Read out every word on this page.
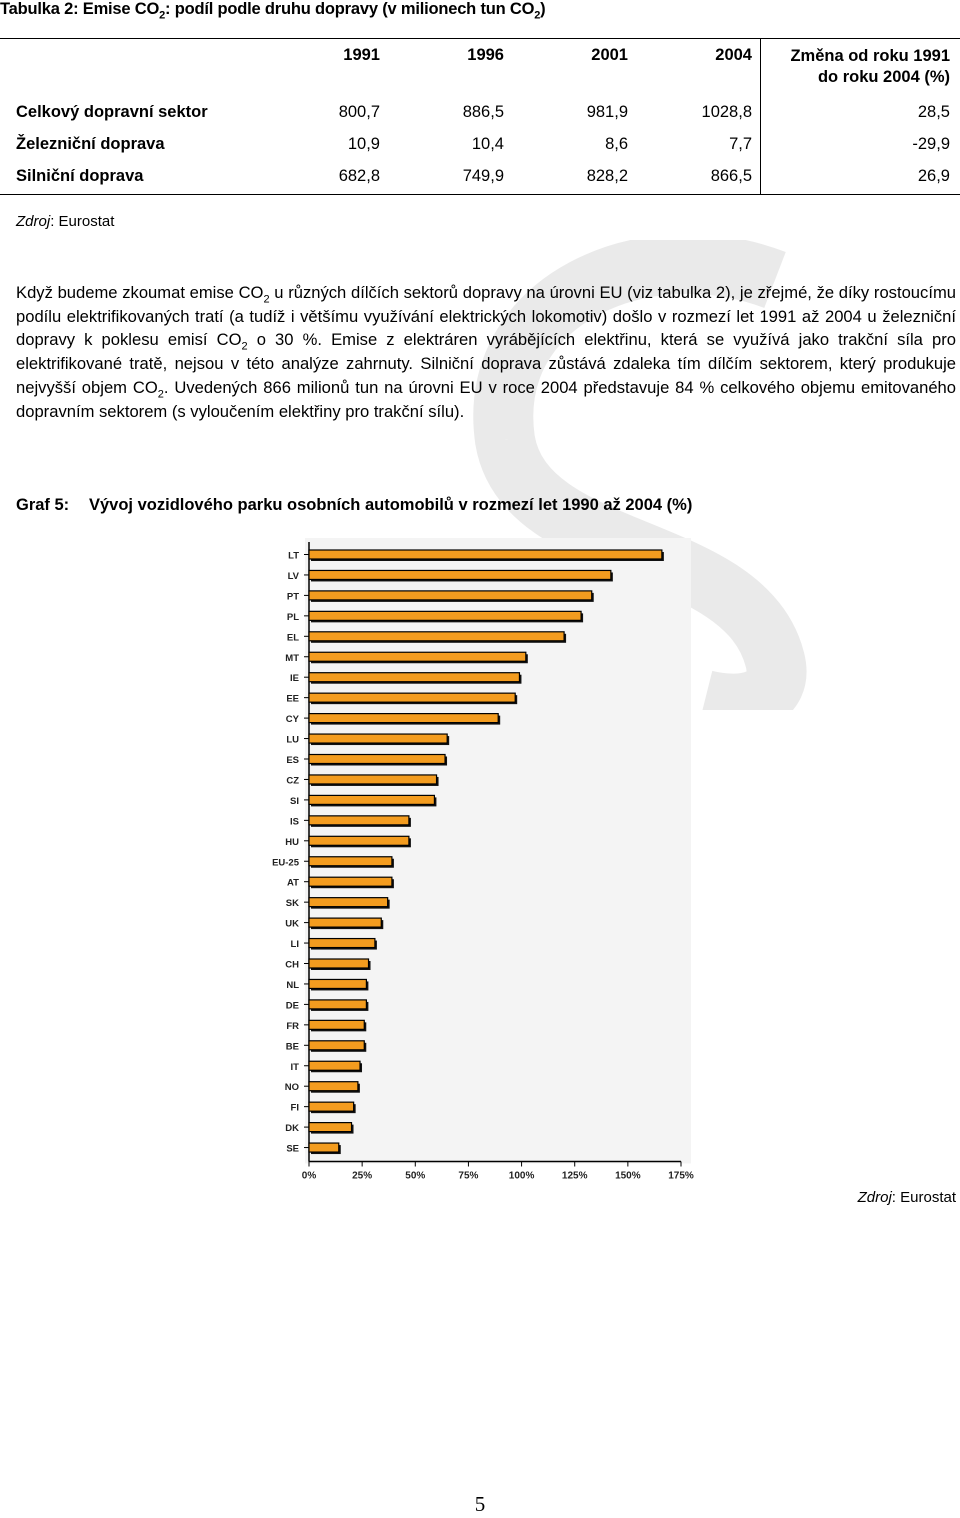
Tabulka 2: Emise $CO_2$: podíl podle druhu dopravy (v milionech tun $CO_2$)
1991	1996	2001	2004	Změna od roku 1991
do roku 2004 (%)
Celkový dopravní sektor	800,7	886,5	981,9	1028,8	28,5
Železniční doprava	10,9	10,4	8,6	7,7	-29,9
Silniční doprava	682,8	749,9	828,2	866,5	26,9
Zdroj: Eurostat
Když budeme zkoumat emise $CO_2$ u různých dílčích sektorů dopravy na úrovni EU (viz tabulka 2), je zřejmé, že díky rostoucímu podílu elektrifikovaných tratí (a tudíž i většímu využívání elektrických lokomotiv) došlo v rozmezí let 1991 až 2004 u železniční dopravy k poklesu emisí $CO_2$ o 30 %. Emise z elektráren vyrábějících elektřinu, která se využívá jako trakční síla pro elektrifikované tratě, nejsou v této analýze zahrnuty. Silniční doprava zůstává zdaleka tím dílčím sektorem, který produkuje nejvyšší objem $CO_2$. Uvedených 866 milionů tun na úrovni EU v roce 2004 představuje 84 % celkového objemu emitovaného dopravním sektorem (s vyloučením elektřiny pro trakční sílu).
Graf 5: Vývoj vozidlového parku osobních automobilů v rozmezí let 1990 až 2004 (%)
LT
LV
PT
PL
EL
MT
IE
EE
CY
LU
ES
CZ
SI
IS
HU
EU-25
AT
SK
UK
LI
CH
NL
DE
FR
BE
IT
NO
FI
DK
SE
0%	25%	50%	75%	100%	125%	150%	175%
Zdroj: Eurostat
5
